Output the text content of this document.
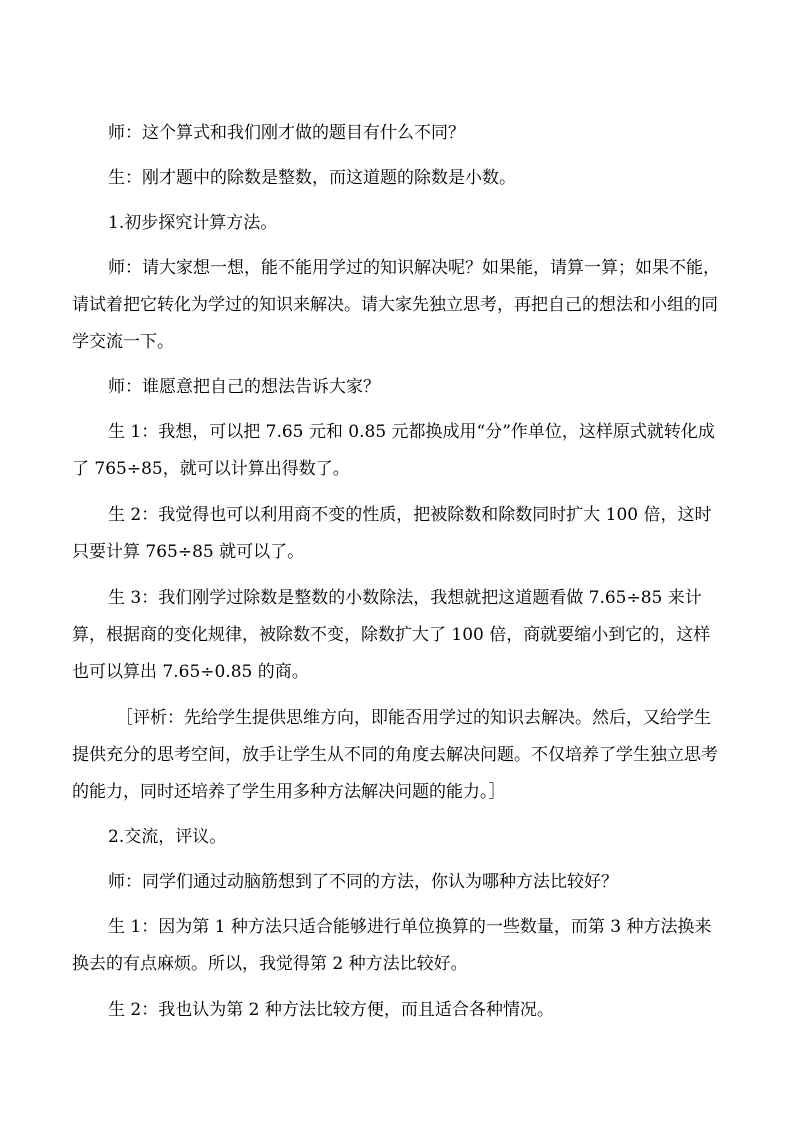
师：这个算式和我们刚才做的题目有什么不同？

生：刚才题中的除数是整数，而这道题的除数是小数。

1.初步探究计算方法。

师：请大家想一想，能不能用学过的知识解决呢？如果能，请算一算；如果不能，请试着把它转化为学过的知识来解决。请大家先独立思考，再把自己的想法和小组的同学交流一下。

师：谁愿意把自己的想法告诉大家？

生 1：我想，可以把 7.65 元和 0.85 元都换成用“分”作单位，这样原式就转化成了 765÷85，就可以计算出得数了。

生 2：我觉得也可以利用商不变的性质，把被除数和除数同时扩大 100 倍，这时只要计算 765÷85 就可以了。

生 3：我们刚学过除数是整数的小数除法，我想就把这道题看做 7.65÷85 来计算，根据商的变化规律，被除数不变，除数扩大了 100 倍，商就要缩小到它的，这样也可以算出 7.65÷0.85 的商。

［评析：先给学生提供思维方向，即能否用学过的知识去解决。然后，又给学生提供充分的思考空间，放手让学生从不同的角度去解决问题。不仅培养了学生独立思考的能力，同时还培养了学生用多种方法解决问题的能力。］

2.交流，评议。

师：同学们通过动脑筋想到了不同的方法，你认为哪种方法比较好？

生 1：因为第 1 种方法只适合能够进行单位换算的一些数量，而第 3 种方法换来换去的有点麻烦。所以，我觉得第 2 种方法比较好。

生 2：我也认为第 2 种方法比较方便，而且适合各种情况。
